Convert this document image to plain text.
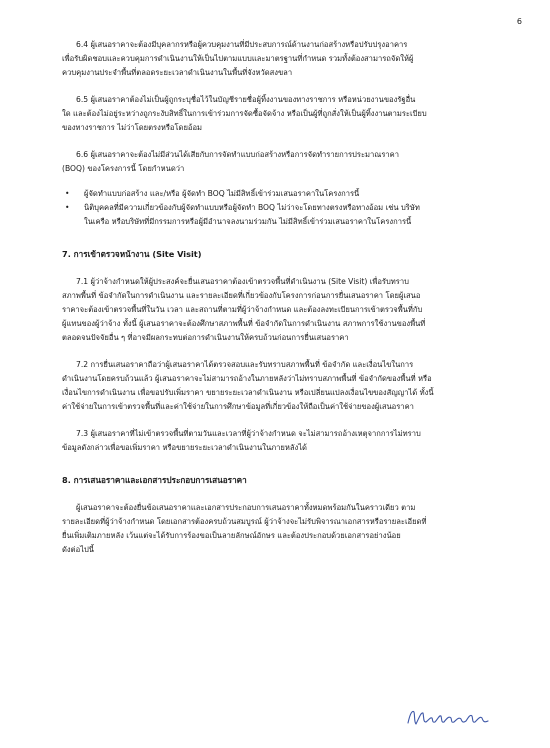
6

6.4 ผู้เสนอราคาจะต้องมีบุคลากรหรือผู้ควบคุมงานที่มีประสบการณ์ด้านงานก่อสร้างหรือปรับปรุงอาคาร
เพื่อรับผิดชอบและควบคุมการดำเนินงานให้เป็นไปตามแบบและมาตรฐานที่กำหนด รวมทั้งต้องสามารถจัดให้ผู้
ควบคุมงานประจำพื้นที่ตลอดระยะเวลาดำเนินงานในพื้นที่จังหวัดสงขลา

6.5 ผู้เสนอราคาต้องไม่เป็นผู้ถูกระบุชื่อไว้ในบัญชีรายชื่อผู้ทิ้งงานของทางราชการ หรือหน่วยงานของรัฐอื่น
ใด และต้องไม่อยู่ระหว่างถูกระงับสิทธิ์ในการเข้าร่วมการจัดซื้อจัดจ้าง หรือเป็นผู้ที่ถูกสั่งให้เป็นผู้ทิ้งงานตามระเบียบ
ของทางราชการ ไม่ว่าโดยตรงหรือโดยอ้อม

6.6 ผู้เสนอราคาจะต้องไม่มีส่วนได้เสียกับการจัดทำแบบก่อสร้างหรือการจัดทำรายการประมาณราคา
(BOQ) ของโครงการนี้ โดยกำหนดว่า

• ผู้จัดทำแบบก่อสร้าง และ/หรือ ผู้จัดทำ BOQ ไม่มีสิทธิ์เข้าร่วมเสนอราคาในโครงการนี้
• นิติบุคคลที่มีความเกี่ยวข้องกับผู้จัดทำแบบหรือผู้จัดทำ BOQ ไม่ว่าจะโดยทางตรงหรือทางอ้อม เช่น บริษัท
ในเครือ หรือบริษัทที่มีกรรมการหรือผู้มีอำนาจลงนามร่วมกัน ไม่มีสิทธิ์เข้าร่วมเสนอราคาในโครงการนี้
7. การเข้าตรวจหน้างาน (Site Visit)

7.1 ผู้ว่าจ้างกำหนดให้ผู้ประสงค์จะยื่นเสนอราคาต้องเข้าตรวจพื้นที่ดำเนินงาน (Site Visit) เพื่อรับทราบ
สภาพพื้นที่ ข้อจำกัดในการดำเนินงาน และรายละเอียดที่เกี่ยวข้องกับโครงการก่อนการยื่นเสนอราคา โดยผู้เสนอ
ราคาจะต้องเข้าตรวจพื้นที่ในวัน เวลา และสถานที่ตามที่ผู้ว่าจ้างกำหนด และต้องลงทะเบียนการเข้าตรวจพื้นที่กับ
ผู้แทนของผู้ว่าจ้าง ทั้งนี้ ผู้เสนอราคาจะต้องศึกษาสภาพพื้นที่ ข้อจำกัดในการดำเนินงาน สภาพการใช้งานของพื้นที่
ตลอดจนปัจจัยอื่น ๆ ที่อาจมีผลกระทบต่อการดำเนินงานให้ครบถ้วนก่อนการยื่นเสนอราคา

7.2 การยื่นเสนอราคาถือว่าผู้เสนอราคาได้ตรวจสอบและรับทราบสภาพพื้นที่ ข้อจำกัด และเงื่อนไขในการ
ดำเนินงานโดยครบถ้วนแล้ว ผู้เสนอราคาจะไม่สามารถอ้างในภายหลังว่าไม่ทราบสภาพพื้นที่ ข้อจำกัดของพื้นที่ หรือ
เงื่อนไขการดำเนินงาน เพื่อขอปรับเพิ่มราคา ขยายระยะเวลาดำเนินงาน หรือเปลี่ยนแปลงเงื่อนไขของสัญญาได้ ทั้งนี้
ค่าใช้จ่ายในการเข้าตรวจพื้นที่และค่าใช้จ่ายในการศึกษาข้อมูลที่เกี่ยวข้องให้ถือเป็นค่าใช้จ่ายของผู้เสนอราคา

7.3 ผู้เสนอราคาที่ไม่เข้าตรวจพื้นที่ตามวันและเวลาที่ผู้ว่าจ้างกำหนด จะไม่สามารถอ้างเหตุจากการไม่ทราบ
ข้อมูลดังกล่าวเพื่อขอเพิ่มราคา หรือขยายระยะเวลาดำเนินงานในภายหลังได้

8. การเสนอราคาและเอกสารประกอบการเสนอราคา

ผู้เสนอราคาจะต้องยื่นข้อเสนอราคาและเอกสารประกอบการเสนอราคาทั้งหมดพร้อมกันในคราวเดียว ตาม
รายละเอียดที่ผู้ว่าจ้างกำหนด โดยเอกสารต้องครบถ้วนสมบูรณ์ ผู้ว่าจ้างจะไม่รับพิจารณาเอกสารหรือรายละเอียดที่
ยื่นเพิ่มเติมภายหลัง เว้นแต่จะได้รับการร้องขอเป็นลายลักษณ์อักษร และต้องประกอบด้วยเอกสารอย่างน้อย
ดังต่อไปนี้
